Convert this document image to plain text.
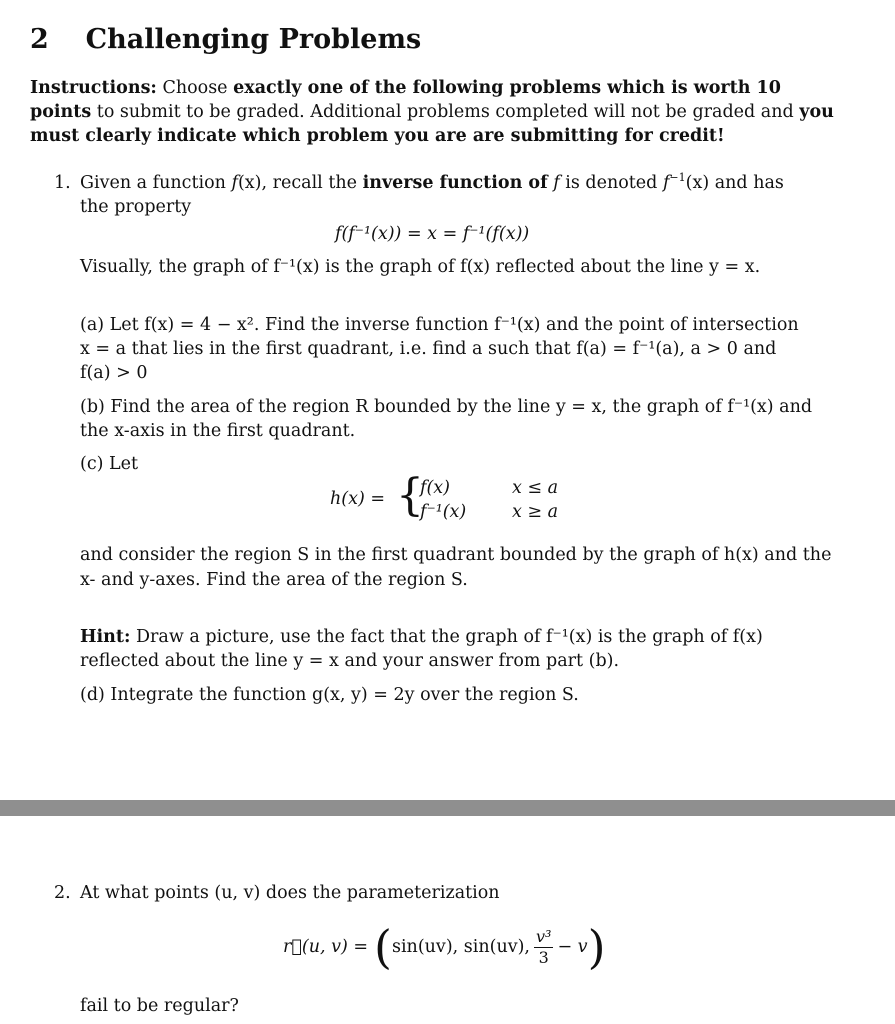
2 Challenging Problems
Instructions: Choose exactly one of the following problems which is worth 10
points to submit to be graded. Additional problems completed will not be graded and you
must clearly indicate which problem you are are submitting for credit!
1. Given a function f(x), recall the inverse function of f is denoted $f^{-1}(x)$ and has
the property
f(f⁻¹(x)) = x = f⁻¹(f(x))
Visually, the graph of f⁻¹(x) is the graph of f(x) reflected about the line y = x.
(a) Let f(x) = 4 − x². Find the inverse function f⁻¹(x) and the point of intersection
x = a that lies in the first quadrant, i.e. find a such that f(a) = f⁻¹(a), a > 0 and
f(a) > 0
(b) Find the area of the region R bounded by the line y = x, the graph of f⁻¹(x) and
the x-axis in the first quadrant.
(c) Let
h(x) = {
f(x)	x ≤ a
f⁻¹(x)	x ≥ a
and consider the region S in the first quadrant bounded by the graph of h(x) and the
x- and y-axes. Find the area of the region S.
Hint: Draw a picture, use the fact that the graph of f⁻¹(x) is the graph of f(x)
reflected about the line y = x and your answer from part (b).
(d) Integrate the function g(x, y) = 2y over the region S.
2. At what points (u, v) does the parameterization
r⃗(u, v) = ( sin(uv), sin(uv), $\frac{\text{v³}}{3} - v$ )
fail to be regular?
